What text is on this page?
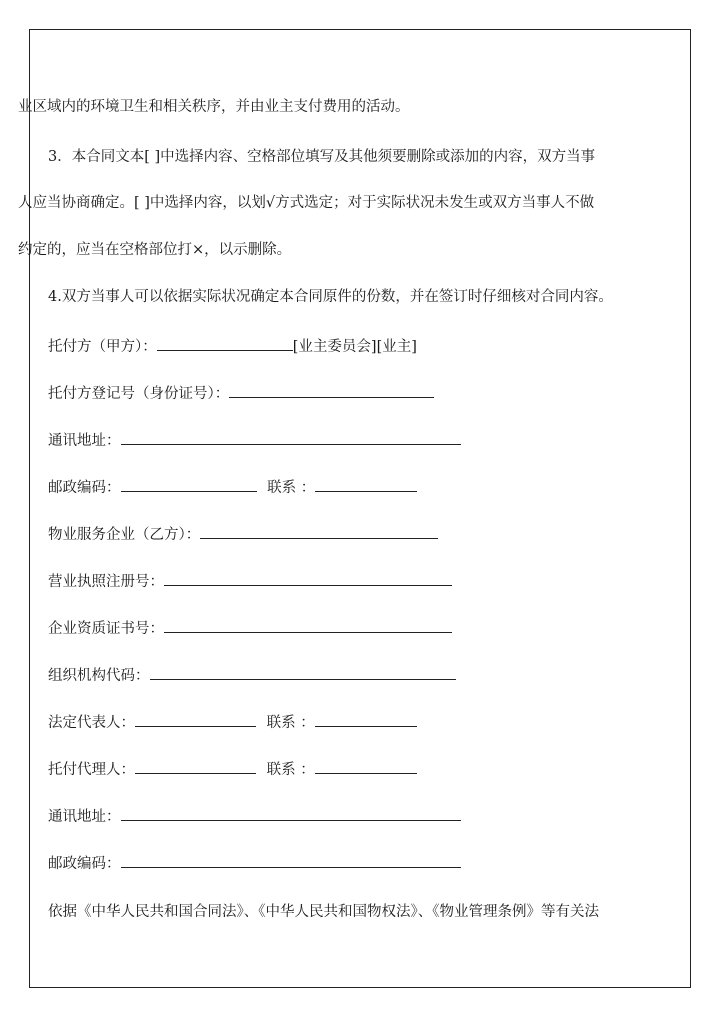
业区域内的环境卫生和相关秩序，并由业主支付费用的活动。
3．本合同文本[ ]中选择内容、空格部位填写及其他须要删除或添加的内容，双方当事
人应当协商确定。[ ]中选择内容，以划√方式选定；对于实际状况未发生或双方当事人不做
约定的，应当在空格部位打×，以示删除。
4.双方当事人可以依据实际状况确定本合同原件的份数，并在签订时仔细核对合同内容。
托付方（甲方）：	[业主委员会][业主]
托付方登记号（身份证号）：
通讯地址：
邮政编码：	联系 ：
物业服务企业（乙方）：
营业执照注册号：
企业资质证书号：
组织机构代码：
法定代表人：	联系 ：
托付代理人：	联系 ：
通讯地址：
邮政编码：
依据《中华人民共和国合同法》、《中华人民共和国物权法》、《物业管理条例》等有关法
